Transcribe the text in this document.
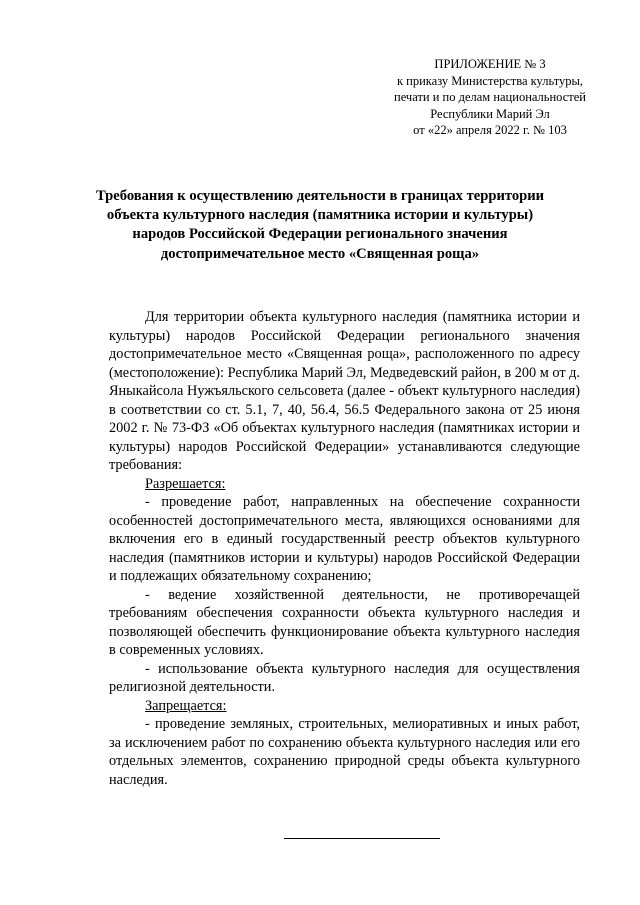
ПРИЛОЖЕНИЕ № 3
к приказу Министерства культуры,
печати и по делам национальностей
Республики Марий Эл
от «22» апреля 2022 г. № 103
Требования к осуществлению деятельности в границах территории
объекта культурного наследия (памятника истории и культуры)
народов Российской Федерации регионального значения
достопримечательное место «Священная роща»

Для территории объекта культурного наследия (памятника истории и культуры) народов Российской Федерации регионального значения достопримечательное место «Священная роща», расположенного по адресу (местоположение): Республика Марий Эл, Медведевский район, в 200 м от д. Яныкайсола Нужъяльского сельсовета (далее - объект культурного наследия) в соответствии со ст. 5.1, 7, 40, 56.4, 56.5 Федерального закона от 25 июня 2002 г. № 73-ФЗ «Об объектах культурного наследия (памятниках истории и культуры) народов Российской Федерации» устанавливаются следующие требования:

Разрешается:

- проведение работ, направленных на обеспечение сохранности особенностей достопримечательного места, являющихся основаниями для включения его в единый государственный реестр объектов культурного наследия (памятников истории и культуры) народов Российской Федерации и подлежащих обязательному сохранению;

- ведение хозяйственной деятельности, не противоречащей требованиям обеспечения сохранности объекта культурного наследия и позволяющей обеспечить функционирование объекта культурного наследия в современных условиях.

- использование объекта культурного наследия для осуществления религиозной деятельности.

Запрещается:

- проведение земляных, строительных, мелиоративных и иных работ, за исключением работ по сохранению объекта культурного наследия или его отдельных элементов, сохранению природной среды объекта культурного наследия.
